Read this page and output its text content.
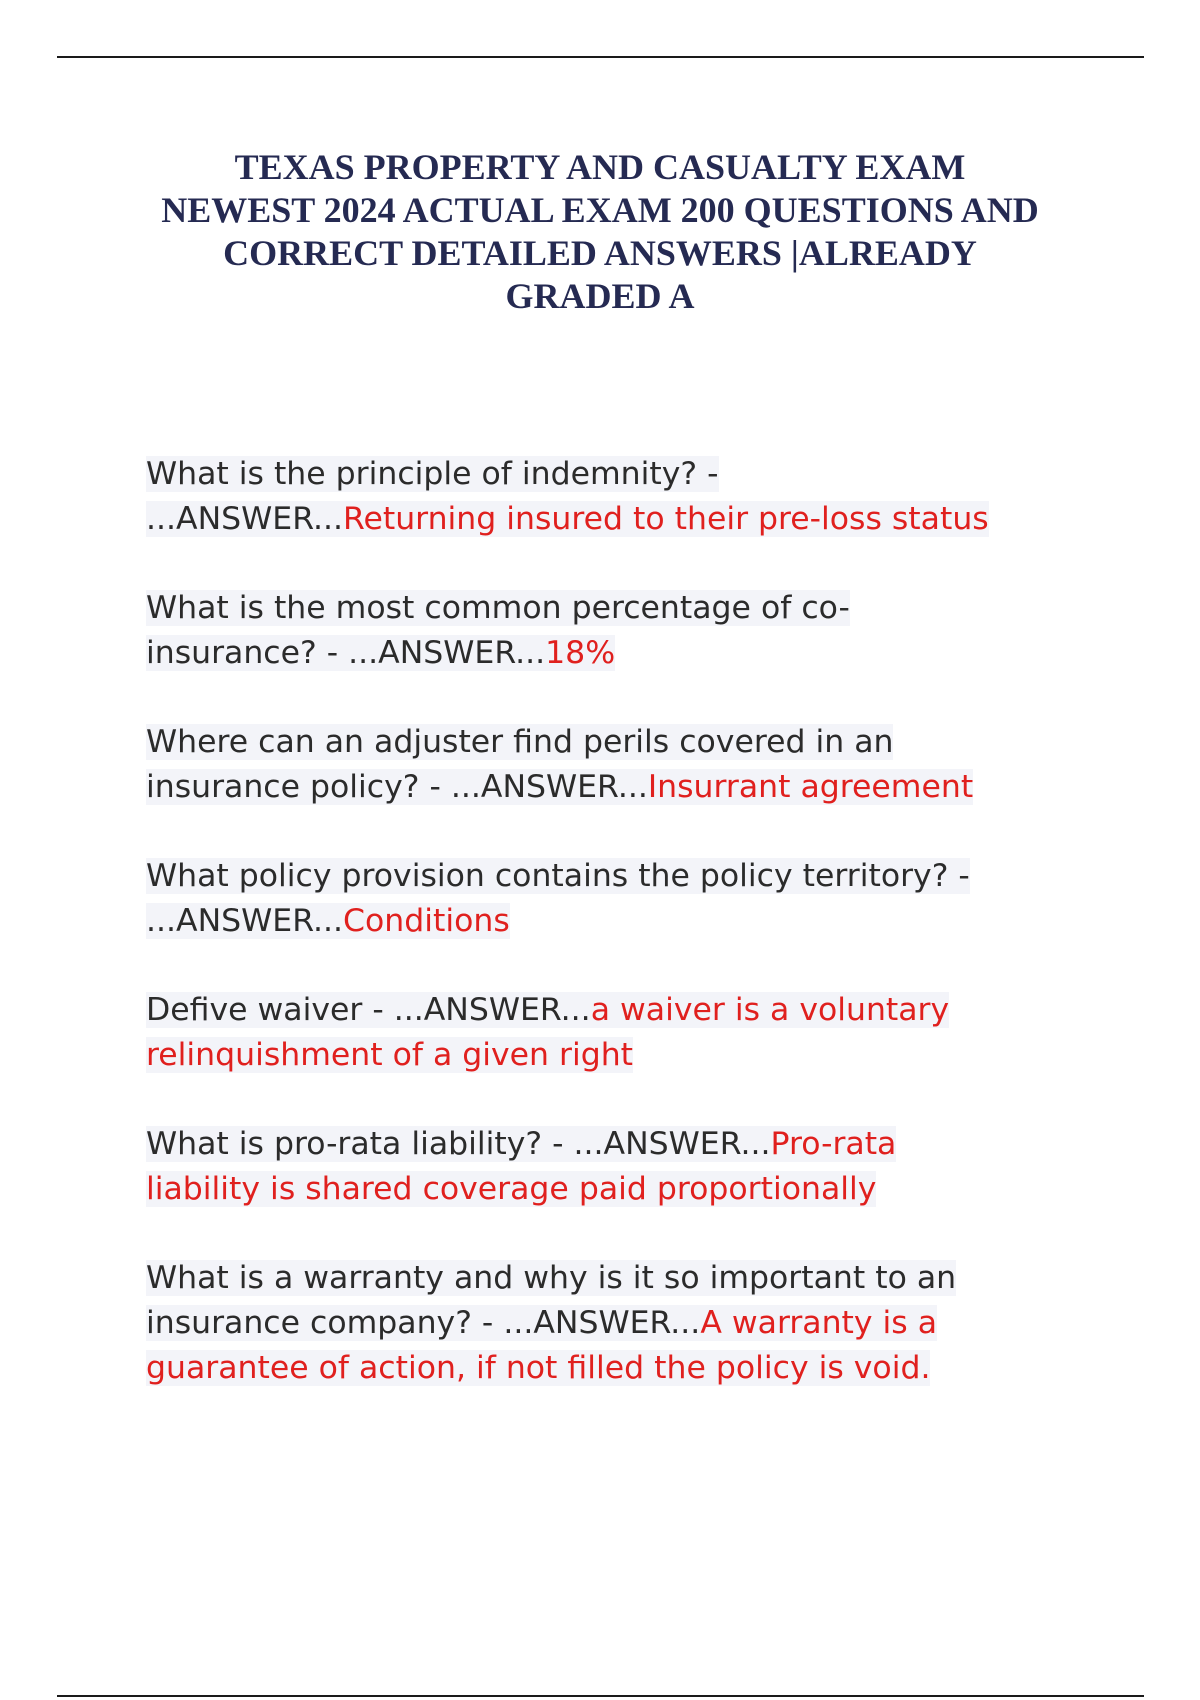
TEXAS PROPERTY AND CASUALTY EXAM
NEWEST 2024 ACTUAL EXAM 200 QUESTIONS AND
CORRECT DETAILED ANSWERS |ALREADY
GRADED A
What is the principle of indemnity? -
...ANSWER...Returning insured to their pre-loss status
What is the most common percentage of co-
insurance? - ...ANSWER...18%
Where can an adjuster find perils covered in an
insurance policy? - ...ANSWER...Insurrant agreement
What policy provision contains the policy territory? -
...ANSWER...Conditions
Defive waiver - ...ANSWER...a waiver is a voluntary
relinquishment of a given right
What is pro-rata liability? - ...ANSWER...Pro-rata
liability is shared coverage paid proportionally
What is a warranty and why is it so important to an
insurance company? - ...ANSWER...A warranty is a
guarantee of action, if not filled the policy is void.
